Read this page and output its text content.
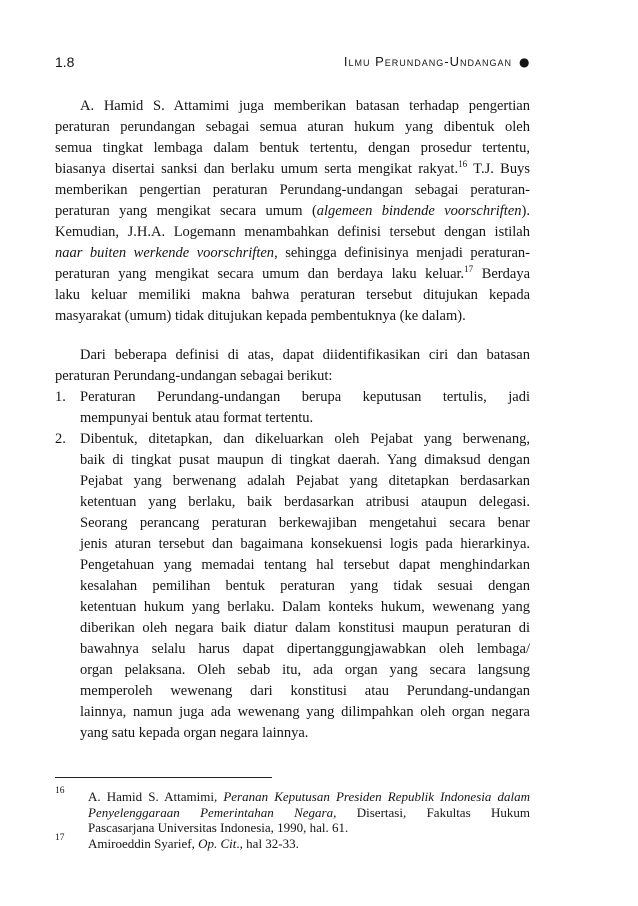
1.8	Ilmu Perundang-Undangan ●
A. Hamid S. Attamimi juga memberikan batasan terhadap pengertian
peraturan perundangan sebagai semua aturan hukum yang dibentuk oleh
semua tingkat lembaga dalam bentuk tertentu, dengan prosedur tertentu,
biasanya disertai sanksi dan berlaku umum serta mengikat rakyat.$^{16}$ T.J. Buys
memberikan pengertian peraturan Perundang-undangan sebagai peraturan-
peraturan yang mengikat secara umum (algemeen bindende voorschriften).
Kemudian, J.H.A. Logemann menambahkan definisi tersebut dengan istilah
naar buiten werkende voorschriften, sehingga definisinya menjadi peraturan-
peraturan yang mengikat secara umum dan berdaya laku keluar.$^{17}$ Berdaya
laku keluar memiliki makna bahwa peraturan tersebut ditujukan kepada
masyarakat (umum) tidak ditujukan kepada pembentuknya (ke dalam).
Dari beberapa definisi di atas, dapat diidentifikasikan ciri dan batasan
peraturan Perundang-undangan sebagai berikut:
1. Peraturan Perundang-undangan berupa keputusan tertulis, jadi
mempunyai bentuk atau format tertentu.
2. Dibentuk, ditetapkan, dan dikeluarkan oleh Pejabat yang berwenang,
baik di tingkat pusat maupun di tingkat daerah. Yang dimaksud dengan
Pejabat yang berwenang adalah Pejabat yang ditetapkan berdasarkan
ketentuan yang berlaku, baik berdasarkan atribusi ataupun delegasi.
Seorang perancang peraturan berkewajiban mengetahui secara benar
jenis aturan tersebut dan bagaimana konsekuensi logis pada hierarkinya.
Pengetahuan yang memadai tentang hal tersebut dapat menghindarkan
kesalahan pemilihan bentuk peraturan yang tidak sesuai dengan
ketentuan hukum yang berlaku. Dalam konteks hukum, wewenang yang
diberikan oleh negara baik diatur dalam konstitusi maupun peraturan di
bawahnya selalu harus dapat dipertanggungjawabkan oleh lembaga/
organ pelaksana. Oleh sebab itu, ada organ yang secara langsung
memperoleh wewenang dari konstitusi atau Perundang-undangan
lainnya, namun juga ada wewenang yang dilimpahkan oleh organ negara
yang satu kepada organ negara lainnya.
16	A. Hamid S. Attamimi, Peranan Keputusan Presiden Republik Indonesia dalam
Penyelenggaraan Pemerintahan Negara, Disertasi, Fakultas Hukum
Pascasarjana Universitas Indonesia, 1990, hal. 61.
17	Amiroeddin Syarief, Op. Cit., hal 32-33.
